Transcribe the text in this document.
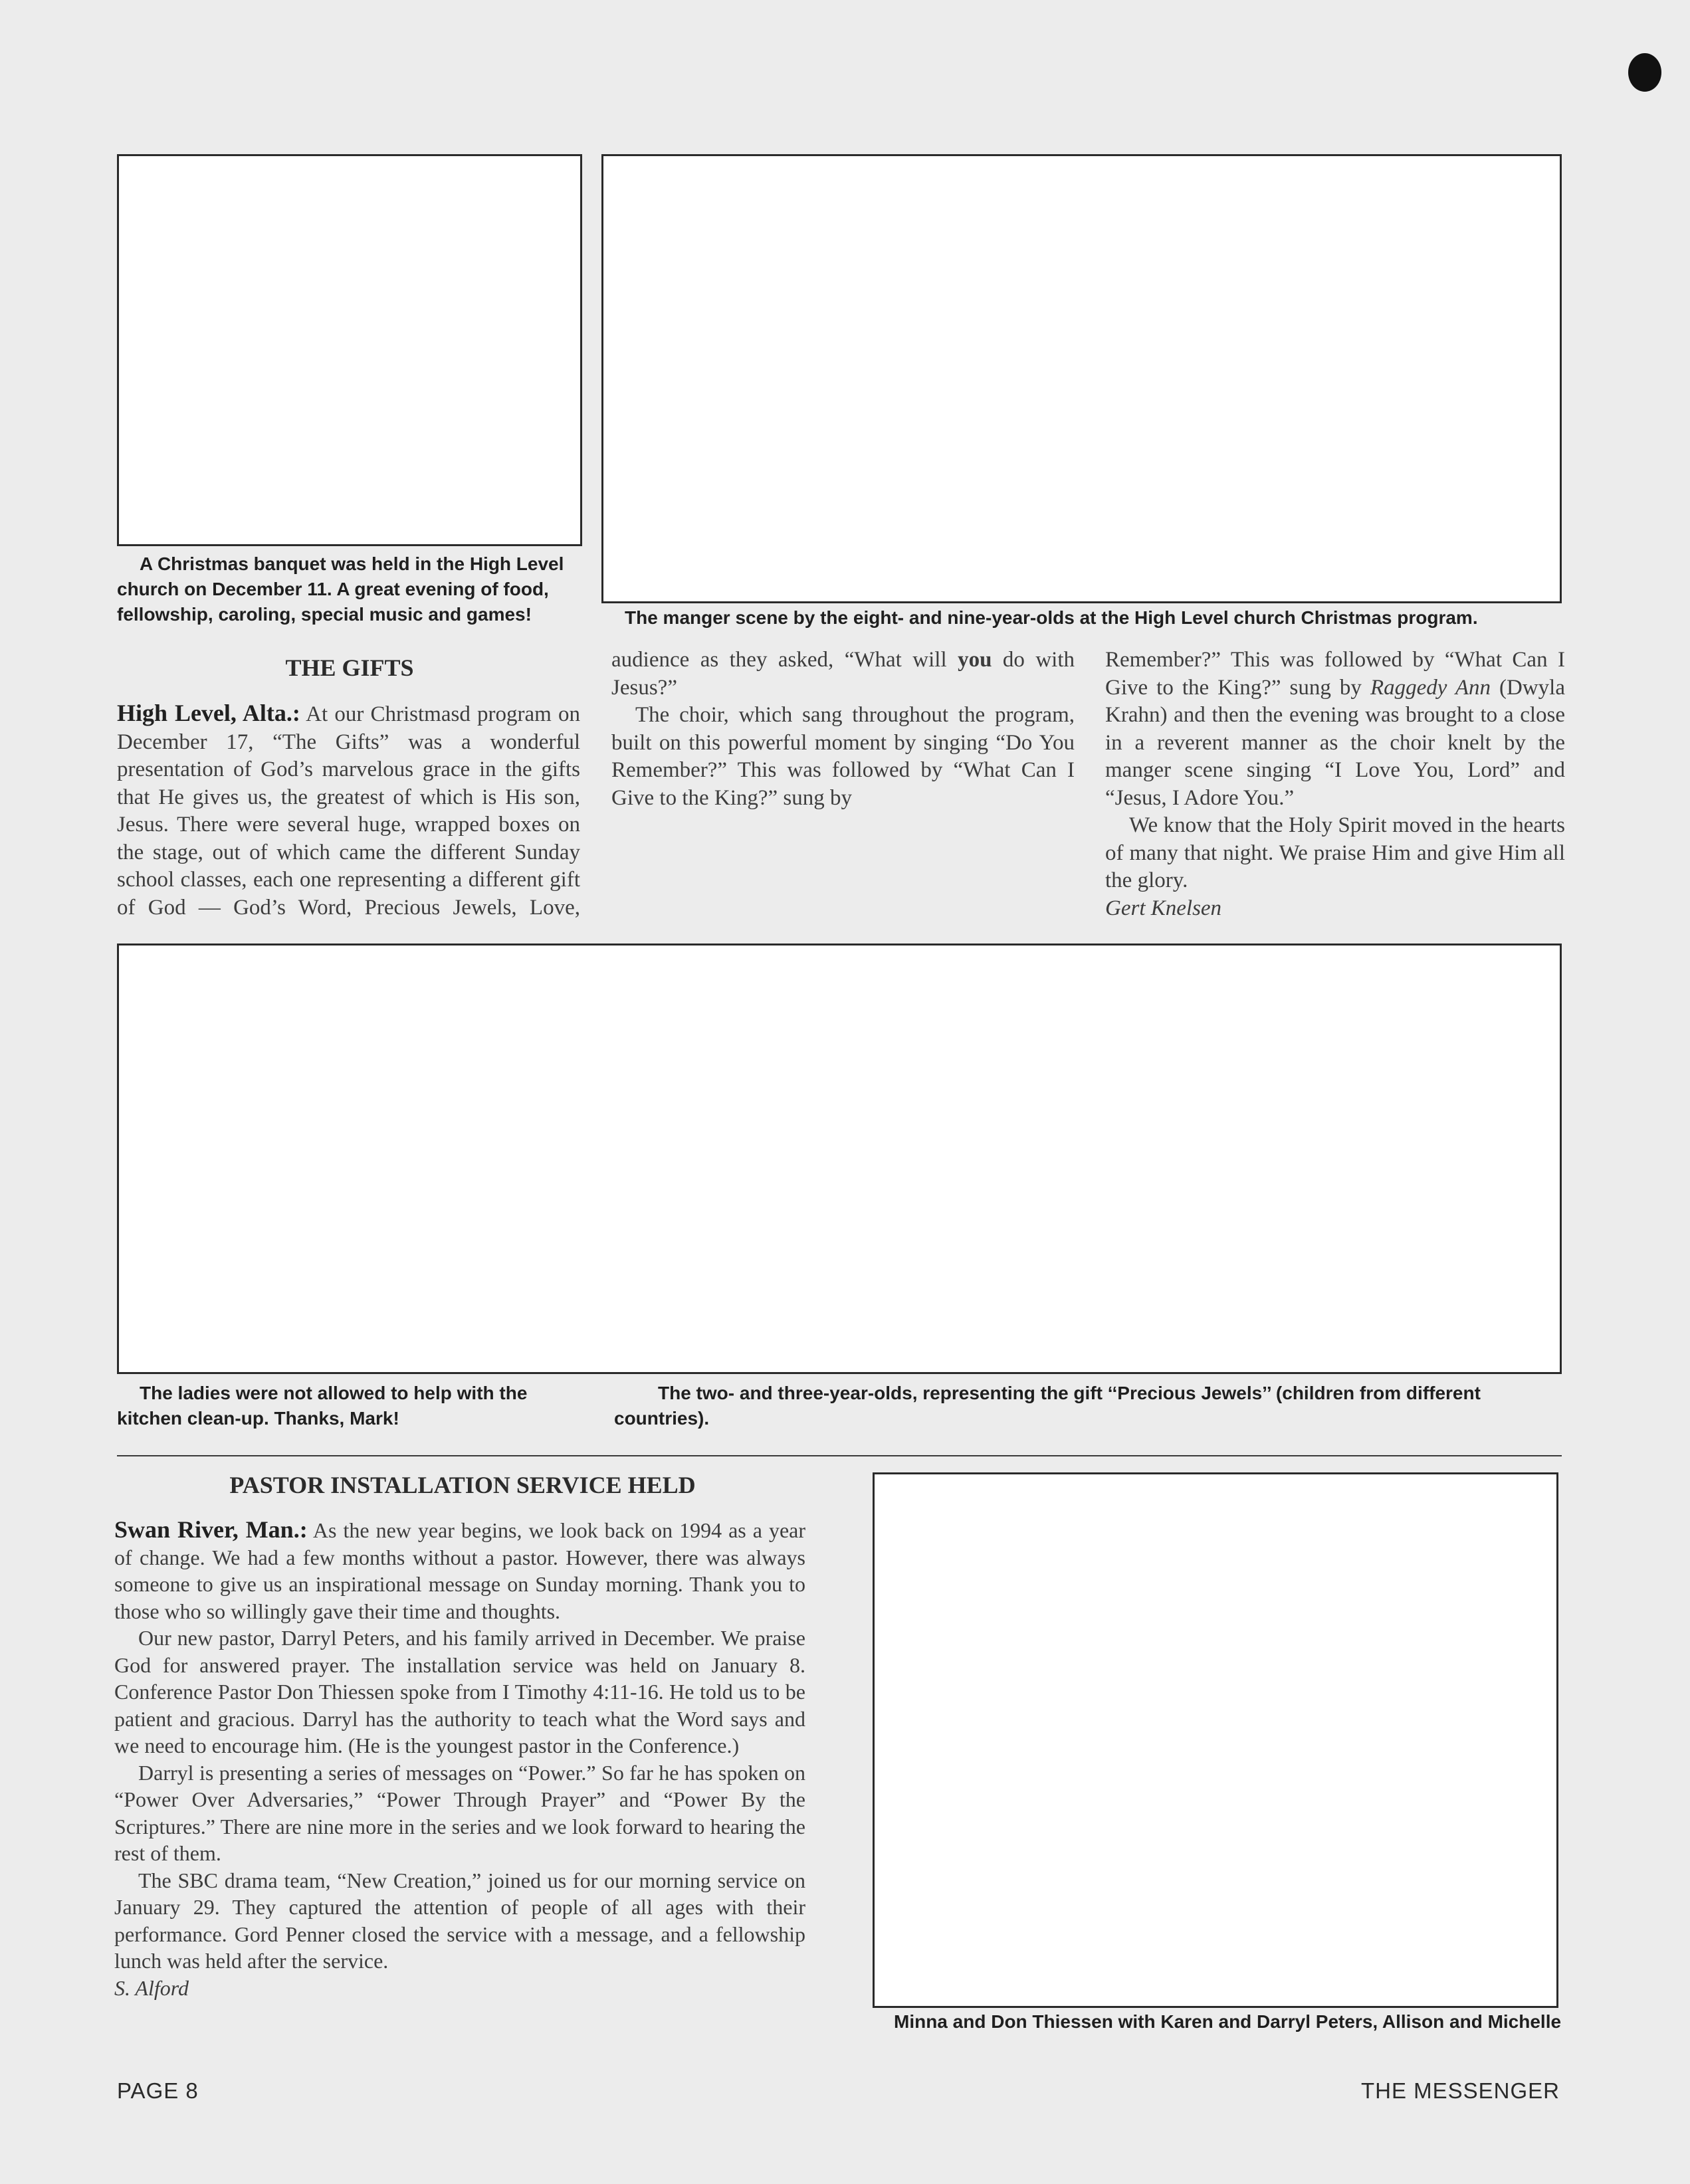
A Christmas banquet was held in the High Level church on December 11. A great evening of food, fellowship, caroling, special music and games!	The manger scene by the eight- and nine-year-olds at the High Level church Christmas program.
THE GIFTS

High Level, Alta.: At our Christmasd program on December 17, “The Gifts” was a wonderful presentation of God’s marvelous grace in the gifts that He gives us, the greatest of which is His son, Jesus. There were several huge, wrapped boxes on the stage, out of which came the different Sunday school classes, each one representing a different gift of God — God’s Word, Precious Jewels, Love,

audience as they asked, “What will you do with Jesus?”

The choir, which sang throughout the program, built on this powerful moment by singing “Do You Remember?” This was followed by “What Can I Give to the King?” sung by

Remember?” This was followed by “What Can I Give to the King?” sung by Raggedy Ann (Dwyla Krahn) and then the evening was brought to a close in a reverent manner as the choir knelt by the manger scene singing “I Love You, Lord” and “Jesus, I Adore You.”

We know that the Holy Spirit moved in the hearts of many that night. We praise Him and give Him all the glory.

Gert Knelsen

The ladies were not allowed to help with the kitchen clean-up. Thanks, Mark!
The two- and three-year-olds, representing the gift ‘‘Precious Jewels’’ (children from different countries).
PASTOR INSTALLATION SERVICE HELD

Swan River, Man.: As the new year begins, we look back on 1994 as a year of change. We had a few months without a pastor. However, there was always someone to give us an inspirational message on Sunday morning. Thank you to those who so willingly gave their time and thoughts.

Our new pastor, Darryl Peters, and his family arrived in December. We praise God for answered prayer. The installation service was held on January 8. Conference Pastor Don Thiessen spoke from I Timothy 4:11-16. He told us to be patient and gracious. Darryl has the authority to teach what the Word says and we need to encourage him. (He is the youngest pastor in the Conference.)

Darryl is presenting a series of messages on “Power.” So far he has spoken on “Power Over Adversaries,” “Power Through Prayer” and “Power By the Scriptures.” There are nine more in the series and we look forward to hearing the rest of them.

The SBC drama team, “New Creation,” joined us for our morning service on January 29. They captured the attention of people of all ages with their performance. Gord Penner closed the service with a message, and a fellowship lunch was held after the service.

S. Alford

Minna and Don Thiessen with Karen and Darryl Peters, Allison and Michelle
PAGE 8	THE MESSENGER
